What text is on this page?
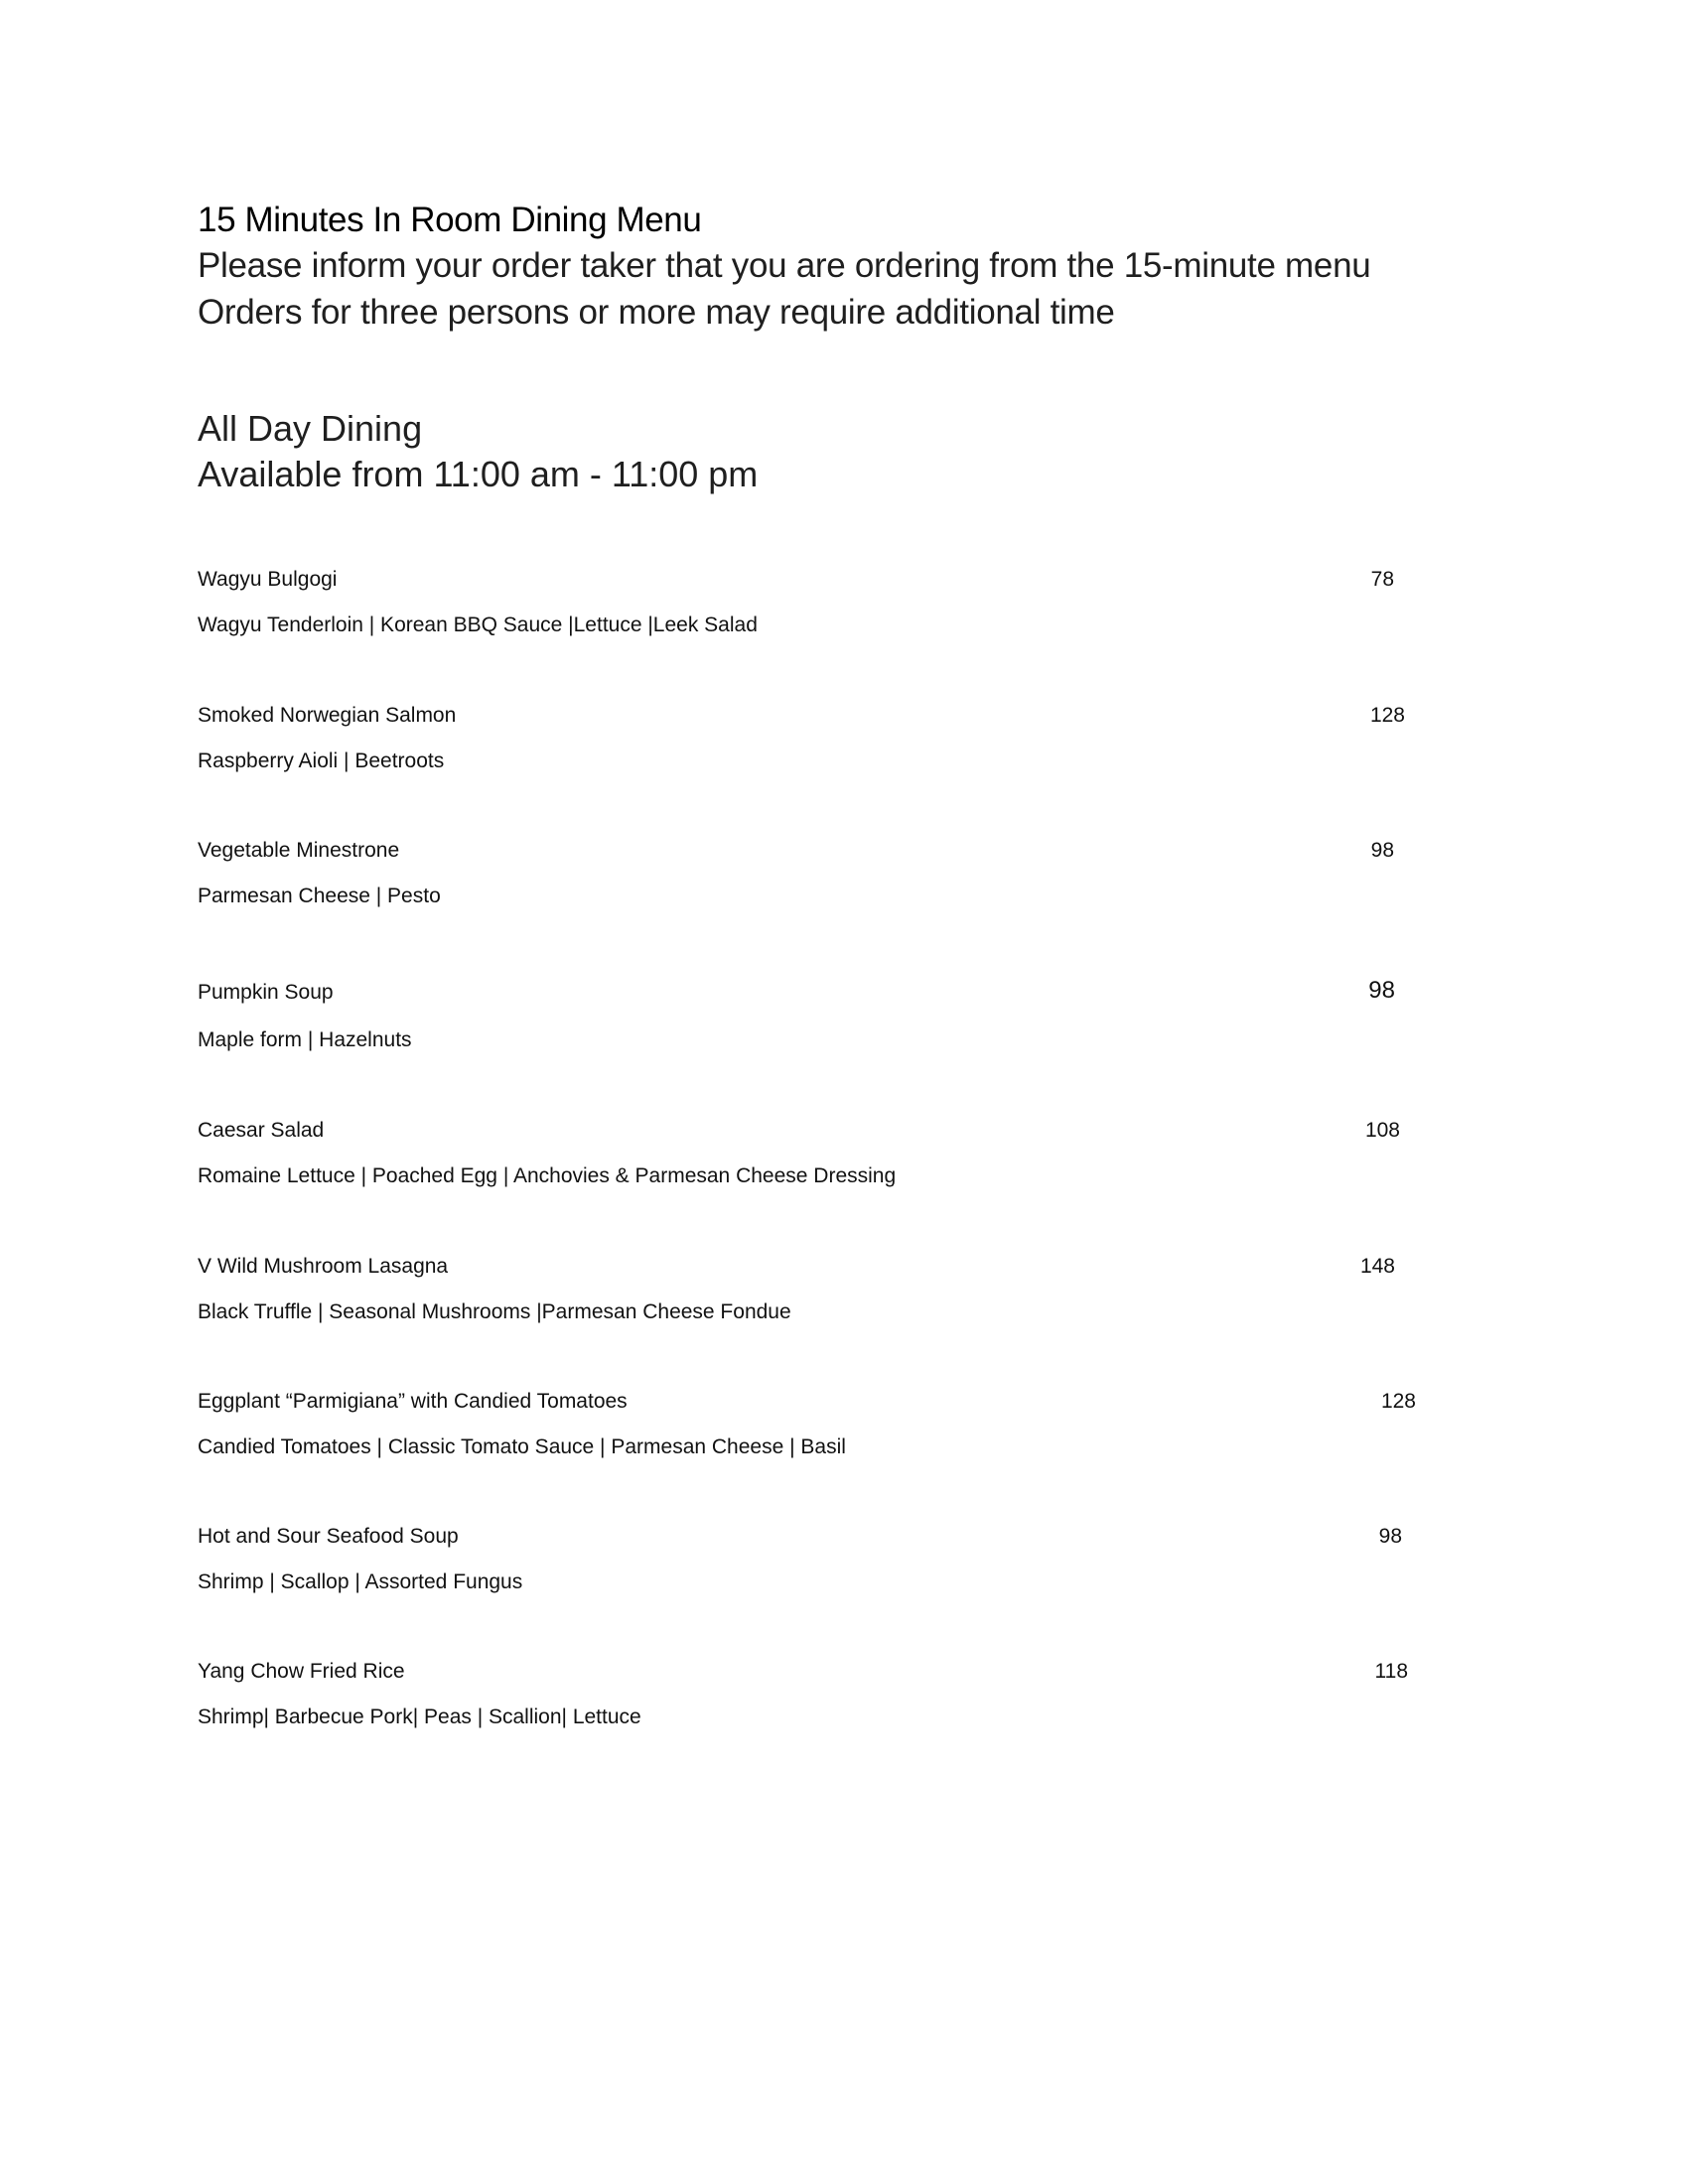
15 Minutes In Room Dining Menu
Please inform your order taker that you are ordering from the 15-minute menu
Orders for three persons or more may require additional time
All Day Dining
Available from 11:00 am - 11:00 pm
Wagyu Bulgogi	78
Wagyu Tenderloin | Korean BBQ Sauce |Lettuce |Leek Salad
Smoked Norwegian Salmon	128
Raspberry Aioli | Beetroots
Vegetable Minestrone	98
Parmesan Cheese | Pesto
Pumpkin Soup	98
Maple form | Hazelnuts
Caesar Salad	108
Romaine Lettuce | Poached Egg | Anchovies & Parmesan Cheese Dressing
V Wild Mushroom Lasagna	148
Black Truffle | Seasonal Mushrooms |Parmesan Cheese Fondue
Eggplant “Parmigiana” with Candied Tomatoes	128
Candied Tomatoes | Classic Tomato Sauce | Parmesan Cheese | Basil
Hot and Sour Seafood Soup	98
Shrimp | Scallop | Assorted Fungus
Yang Chow Fried Rice	118
Shrimp| Barbecue Pork| Peas | Scallion| Lettuce
